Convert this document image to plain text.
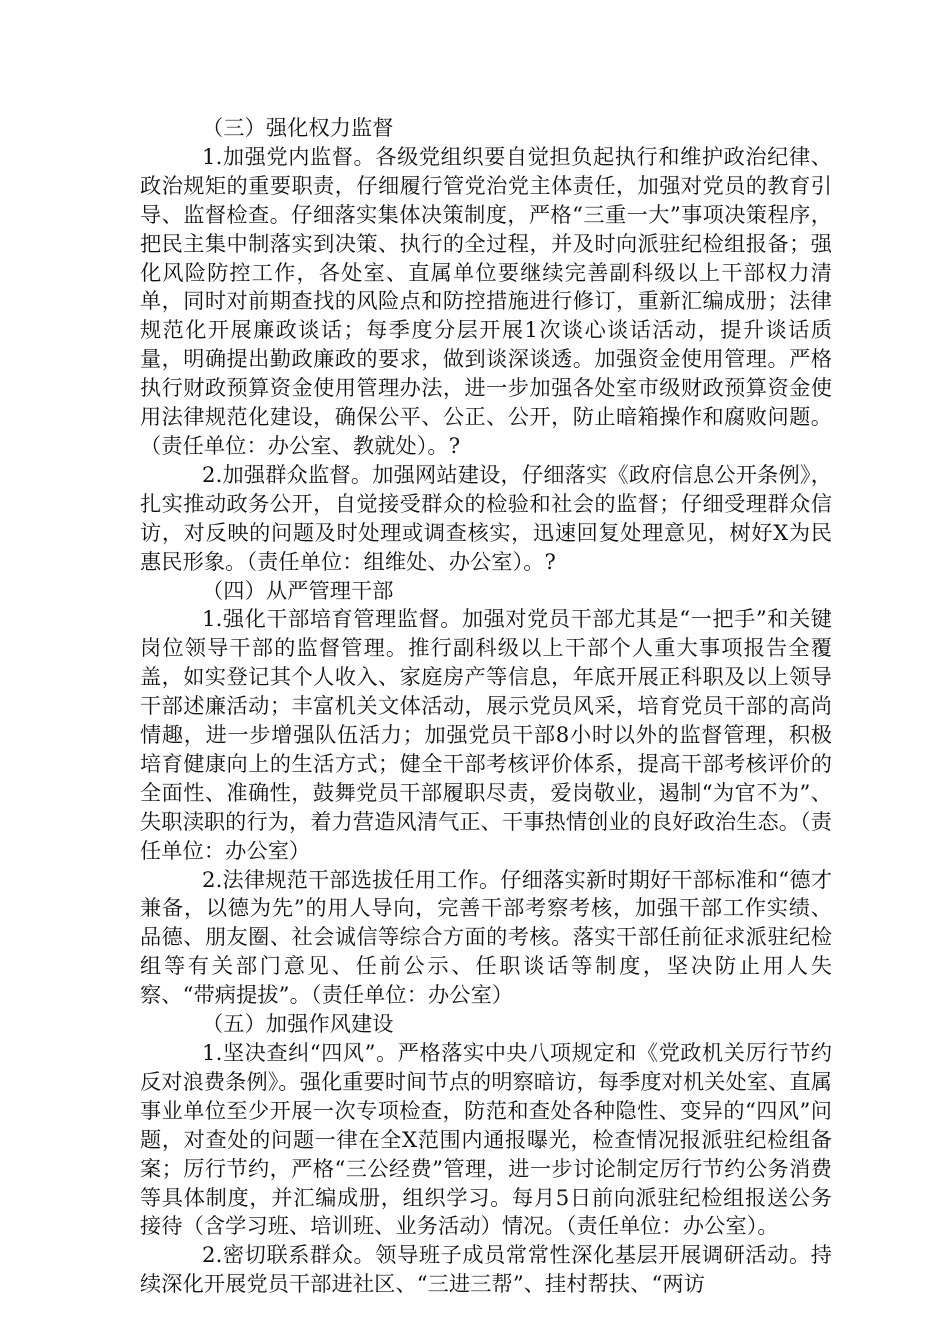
（三）强化权力监督

1.加强党内监督。各级党组织要自觉担负起执行和维护政治纪律、政治规矩的重要职责，仔细履行管党治党主体责任，加强对党员的教育引导、监督检查。仔细落实集体决策制度，严格“三重一大”事项决策程序，把民主集中制落实到决策、执行的全过程，并及时向派驻纪检组报备；强化风险防控工作，各处室、直属单位要继续完善副科级以上干部权力清单，同时对前期查找的风险点和防控措施进行修订，重新汇编成册；法律规范化开展廉政谈话；每季度分层开展1次谈心谈话活动，提升谈话质量，明确提出勤政廉政的要求，做到谈深谈透。加强资金使用管理。严格执行财政预算资金使用管理办法，进一步加强各处室市级财政预算资金使用法律规范化建设，确保公平、公正、公开，防止暗箱操作和腐败问题。（责任单位：办公室、教就处）。?

2.加强群众监督。加强网站建设，仔细落实《政府信息公开条例》，扎实推动政务公开，自觉接受群众的检验和社会的监督；仔细受理群众信访，对反映的问题及时处理或调查核实，迅速回复处理意见，树好X为民惠民形象。（责任单位：组维处、办公室）。?

（四）从严管理干部

1.强化干部培育管理监督。加强对党员干部尤其是“一把手”和关键岗位领导干部的监督管理。推行副科级以上干部个人重大事项报告全覆盖，如实登记其个人收入、家庭房产等信息，年底开展正科职及以上领导干部述廉活动；丰富机关文体活动，展示党员风采，培育党员干部的高尚情趣，进一步增强队伍活力；加强党员干部8小时以外的监督管理，积极培育健康向上的生活方式；健全干部考核评价体系，提高干部考核评价的全面性、准确性，鼓舞党员干部履职尽责，爱岗敬业，遏制“为官不为”、失职渎职的行为，着力营造风清气正、干事热情创业的良好政治生态。（责任单位：办公室）

2.法律规范干部选拔任用工作。仔细落实新时期好干部标准和“德才兼备，以德为先”的用人导向，完善干部考察考核，加强干部工作实绩、品德、朋友圈、社会诚信等综合方面的考核。落实干部任前征求派驻纪检组等有关部门意见、任前公示、任职谈话等制度，坚决防止用人失察、“带病提拔”。（责任单位：办公室）

（五）加强作风建设

1.坚决查纠“四风”。严格落实中央八项规定和《党政机关厉行节约反对浪费条例》。强化重要时间节点的明察暗访，每季度对机关处室、直属事业单位至少开展一次专项检查，防范和查处各种隐性、变异的“四风”问题，对查处的问题一律在全X范围内通报曝光，检查情况报派驻纪检组备案；厉行节约，严格“三公经费”管理，进一步讨论制定厉行节约公务消费等具体制度，并汇编成册，组织学习。每月5日前向派驻纪检组报送公务接待（含学习班、培训班、业务活动）情况。（责任单位：办公室）。

2.密切联系群众。领导班子成员常常性深化基层开展调研活动。持续深化开展党员干部进社区、“三进三帮”、挂村帮扶、“两访
